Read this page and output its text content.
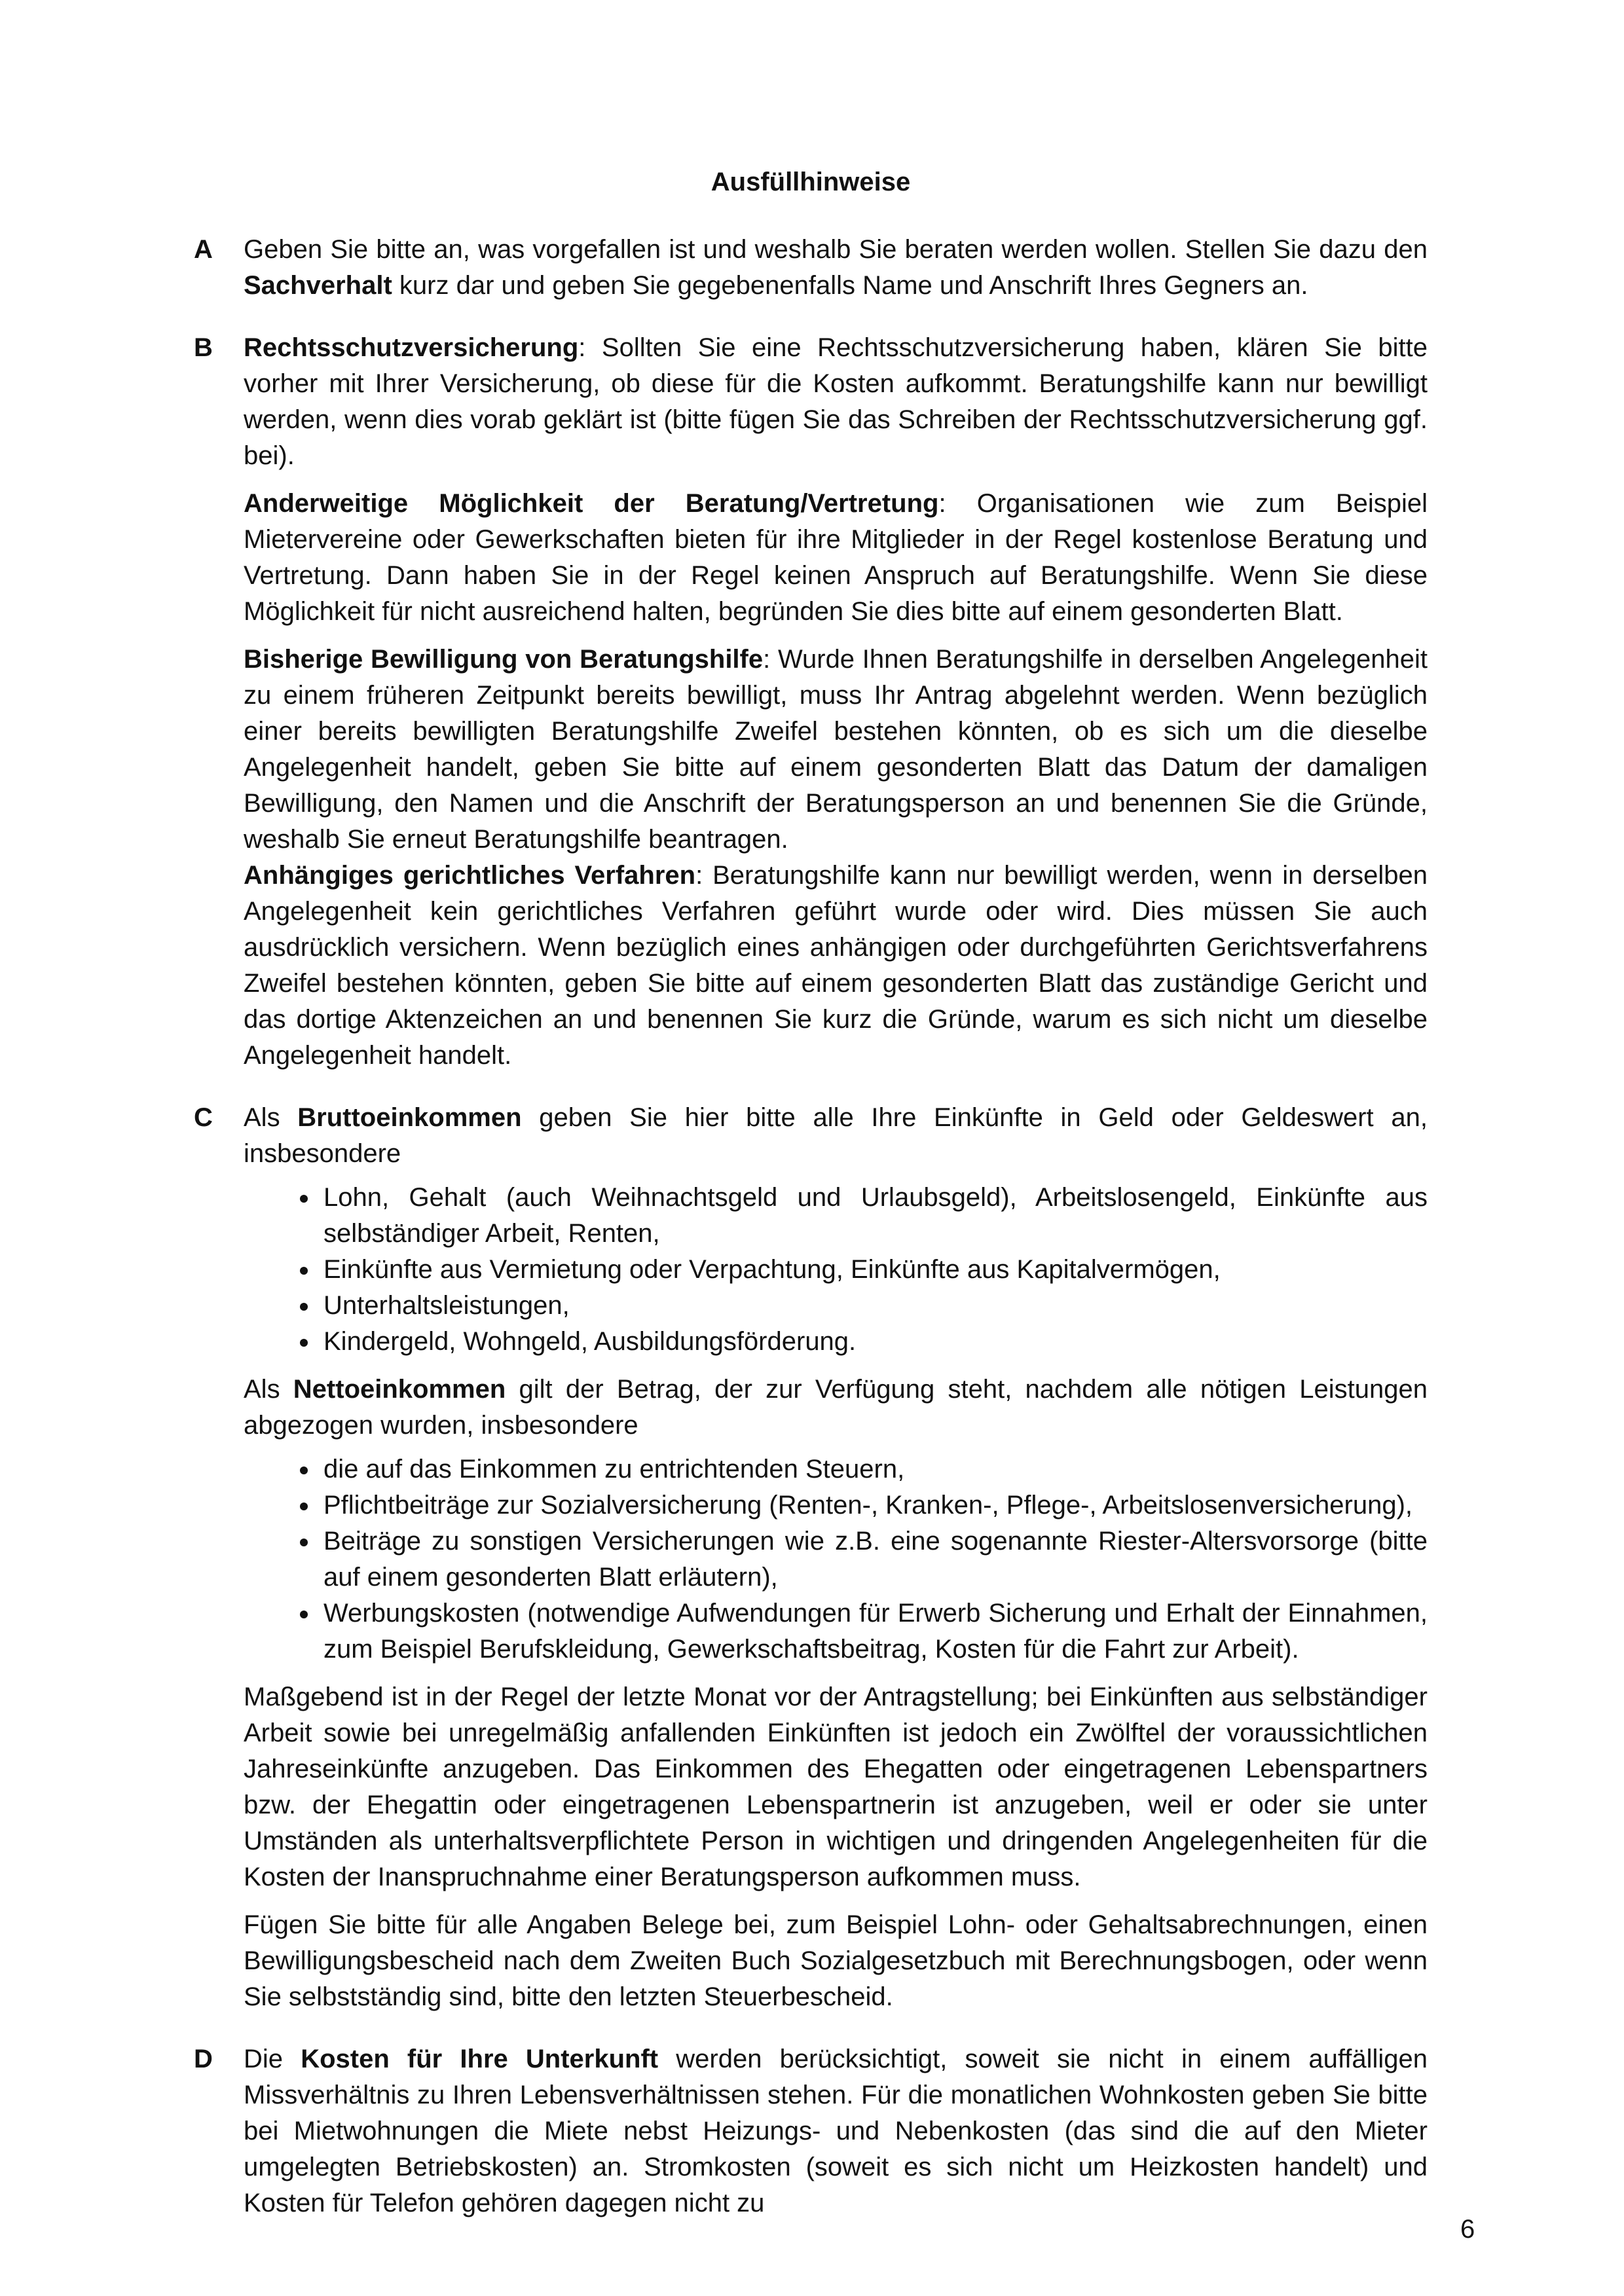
Ausfüllhinweise
A	Geben Sie bitte an, was vorgefallen ist und weshalb Sie beraten werden wollen. Stellen Sie dazu den Sachverhalt kurz dar und geben Sie gegebenenfalls Name und Anschrift Ihres Gegners an.

B	Rechtsschutzversicherung: Sollten Sie eine Rechtsschutzversicherung haben, klären Sie bitte vorher mit Ihrer Versicherung, ob diese für die Kosten aufkommt. Beratungshilfe kann nur bewilligt werden, wenn dies vorab geklärt ist (bitte fügen Sie das Schreiben der Rechtsschutzversicherung ggf. bei).

Anderweitige Möglichkeit der Beratung/Vertretung: Organisationen wie zum Beispiel Mietervereine oder Gewerkschaften bieten für ihre Mitglieder in der Regel kostenlose Beratung und Vertretung. Dann haben Sie in der Regel keinen Anspruch auf Beratungshilfe. Wenn Sie diese Möglichkeit für nicht ausreichend halten, begründen Sie dies bitte auf einem gesonderten Blatt.

Bisherige Bewilligung von Beratungshilfe: Wurde Ihnen Beratungshilfe in derselben Angelegenheit zu einem früheren Zeitpunkt bereits bewilligt, muss Ihr Antrag abgelehnt werden. Wenn bezüglich einer bereits bewilligten Beratungshilfe Zweifel bestehen könnten, ob es sich um die dieselbe Angelegenheit handelt, geben Sie bitte auf einem gesonderten Blatt das Datum der damaligen Bewilligung, den Namen und die Anschrift der Beratungsperson an und benennen Sie die Gründe, weshalb Sie erneut Beratungshilfe beantragen.

Anhängiges gerichtliches Verfahren: Beratungshilfe kann nur bewilligt werden, wenn in derselben Angelegenheit kein gerichtliches Verfahren geführt wurde oder wird. Dies müssen Sie auch ausdrücklich versichern. Wenn bezüglich eines anhängigen oder durchgeführten Gerichtsverfahrens Zweifel bestehen könnten, geben Sie bitte auf einem gesonderten Blatt das zuständige Gericht und das dortige Aktenzeichen an und benennen Sie kurz die Gründe, warum es sich nicht um dieselbe Angelegenheit handelt.

C	Als Bruttoeinkommen geben Sie hier bitte alle Ihre Einkünfte in Geld oder Geldeswert an, insbesondere

• Lohn, Gehalt (auch Weihnachtsgeld und Urlaubsgeld), Arbeitslosengeld, Einkünfte aus selbständiger Arbeit, Renten,
• Einkünfte aus Vermietung oder Verpachtung, Einkünfte aus Kapitalvermögen,
• Unterhaltsleistungen,
• Kindergeld, Wohngeld, Ausbildungsförderung.

Als Nettoeinkommen gilt der Betrag, der zur Verfügung steht, nachdem alle nötigen Leistungen abgezogen wurden, insbesondere

• die auf das Einkommen zu entrichtenden Steuern,
• Pflichtbeiträge zur Sozialversicherung (Renten-, Kranken-, Pflege-, Arbeitslosenversicherung),
• Beiträge zu sonstigen Versicherungen wie z.B. eine sogenannte Riester-Altersvorsorge (bitte auf einem gesonderten Blatt erläutern),
• Werbungskosten (notwendige Aufwendungen für Erwerb Sicherung und Erhalt der Einnahmen, zum Beispiel Berufskleidung, Gewerkschaftsbeitrag, Kosten für die Fahrt zur Arbeit).

Maßgebend ist in der Regel der letzte Monat vor der Antragstellung; bei Einkünften aus selbständiger Arbeit sowie bei unregelmäßig anfallenden Einkünften ist jedoch ein Zwölftel der voraussichtlichen Jahreseinkünfte anzugeben. Das Einkommen des Ehegatten oder eingetragenen Lebenspartners bzw. der Ehegattin oder eingetragenen Lebenspartnerin ist anzugeben, weil er oder sie unter Umständen als unterhaltsverpflichtete Person in wichtigen und dringenden Angelegenheiten für die Kosten der Inanspruchnahme einer Beratungsperson aufkommen muss.

Fügen Sie bitte für alle Angaben Belege bei, zum Beispiel Lohn- oder Gehaltsabrechnungen, einen Bewilligungsbescheid nach dem Zweiten Buch Sozialgesetzbuch mit Berechnungsbogen, oder wenn Sie selbstständig sind, bitte den letzten Steuerbescheid.

D	Die Kosten für Ihre Unterkunft werden berücksichtigt, soweit sie nicht in einem auffälligen Missverhältnis zu Ihren Lebensverhältnissen stehen. Für die monatlichen Wohnkosten geben Sie bitte bei Mietwohnungen die Miete nebst Heizungs- und Nebenkosten (das sind die auf den Mieter umgelegten Betriebskosten) an. Stromkosten (soweit es sich nicht um Heizkosten handelt) und Kosten für Telefon gehören dagegen nicht zu

6
